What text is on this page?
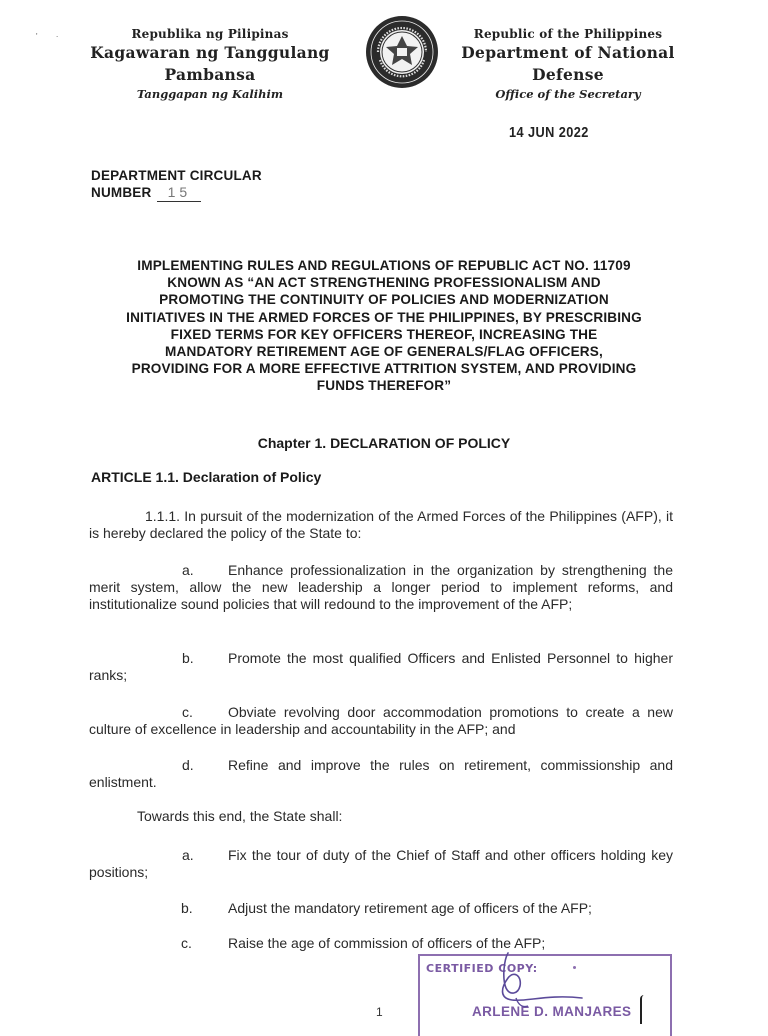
' .	Republika ng Pilipinas
Kagawaran ng Tanggulang Pambansa
Tanggapan ng Kalihim
Republic of the Philippines
Department of National Defense
Office of the Secretary
14 JUN 2022
DEPARTMENT CIRCULAR
NUMBER 15
IMPLEMENTING RULES AND REGULATIONS OF REPUBLIC ACT NO. 11709
KNOWN AS “AN ACT STRENGTHENING PROFESSIONALISM AND
PROMOTING THE CONTINUITY OF POLICIES AND MODERNIZATION
INITIATIVES IN THE ARMED FORCES OF THE PHILIPPINES, BY PRESCRIBING
FIXED TERMS FOR KEY OFFICERS THEREOF, INCREASING THE
MANDATORY RETIREMENT AGE OF GENERALS/FLAG OFFICERS,
PROVIDING FOR A MORE EFFECTIVE ATTRITION SYSTEM, AND PROVIDING
FUNDS THEREFOR”
Chapter 1. DECLARATION OF POLICY
ARTICLE 1.1. Declaration of Policy
1.1.1. In pursuit of the modernization of the Armed Forces of the Philippines (AFP), it is hereby declared the policy of the State to:
a. Enhance professionalization in the organization by strengthening the merit system, allow the new leadership a longer period to implement reforms, and institutionalize sound policies that will redound to the improvement of the AFP;
b. Promote the most qualified Officers and Enlisted Personnel to higher ranks;
c.	Obviate revolving door accommodation promotions to create a new culture of excellence in leadership and accountability in the AFP; and
d. Refine and improve the rules on retirement, commissionship and enlistment.
Towards this end, the State shall:
a. Fix the tour of duty of the Chief of Staff and other officers holding key positions;
b.	Adjust the mandatory retirement age of officers of the AFP;
c.	Raise the age of commission of officers of the AFP;
1
CERTIFIED COPY:
ARLENE D. MANJARES
